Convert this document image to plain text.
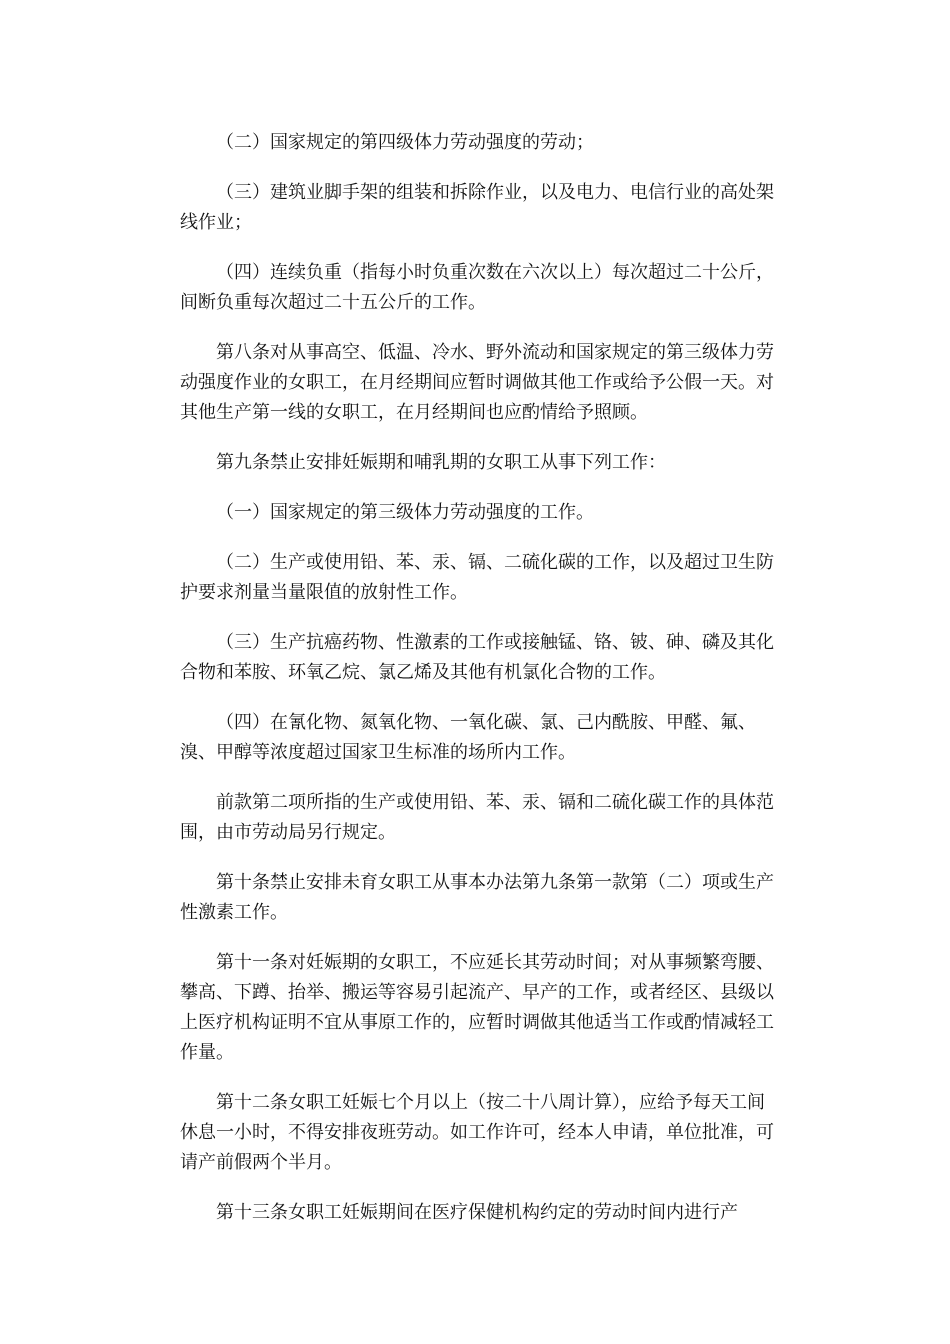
（二）国家规定的第四级体力劳动强度的劳动；

（三）建筑业脚手架的组装和拆除作业，以及电力、电信行业的高处架线作业；

（四）连续负重（指每小时负重次数在六次以上）每次超过二十公斤，间断负重每次超过二十五公斤的工作。

第八条对从事高空、低温、冷水、野外流动和国家规定的第三级体力劳动强度作业的女职工，在月经期间应暂时调做其他工作或给予公假一天。对其他生产第一线的女职工，在月经期间也应酌情给予照顾。

第九条禁止安排妊娠期和哺乳期的女职工从事下列工作：

（一）国家规定的第三级体力劳动强度的工作。

（二）生产或使用铅、苯、汞、镉、二硫化碳的工作，以及超过卫生防护要求剂量当量限值的放射性工作。

（三）生产抗癌药物、性激素的工作或接触锰、铬、铍、砷、磷及其化合物和苯胺、环氧乙烷、氯乙烯及其他有机氯化合物的工作。

（四）在氰化物、氮氧化物、一氧化碳、氯、己内酰胺、甲醛、氟、溴、甲醇等浓度超过国家卫生标准的场所内工作。

前款第二项所指的生产或使用铅、苯、汞、镉和二硫化碳工作的具体范围，由市劳动局另行规定。

第十条禁止安排未育女职工从事本办法第九条第一款第（二）项或生产性激素工作。

第十一条对妊娠期的女职工，不应延长其劳动时间；对从事频繁弯腰、攀高、下蹲、抬举、搬运等容易引起流产、早产的工作，或者经区、县级以上医疗机构证明不宜从事原工作的，应暂时调做其他适当工作或酌情减轻工作量。

第十二条女职工妊娠七个月以上（按二十八周计算），应给予每天工间休息一小时，不得安排夜班劳动。如工作许可，经本人申请，单位批准，可请产前假两个半月。

第十三条女职工妊娠期间在医疗保健机构约定的劳动时间内进行产
